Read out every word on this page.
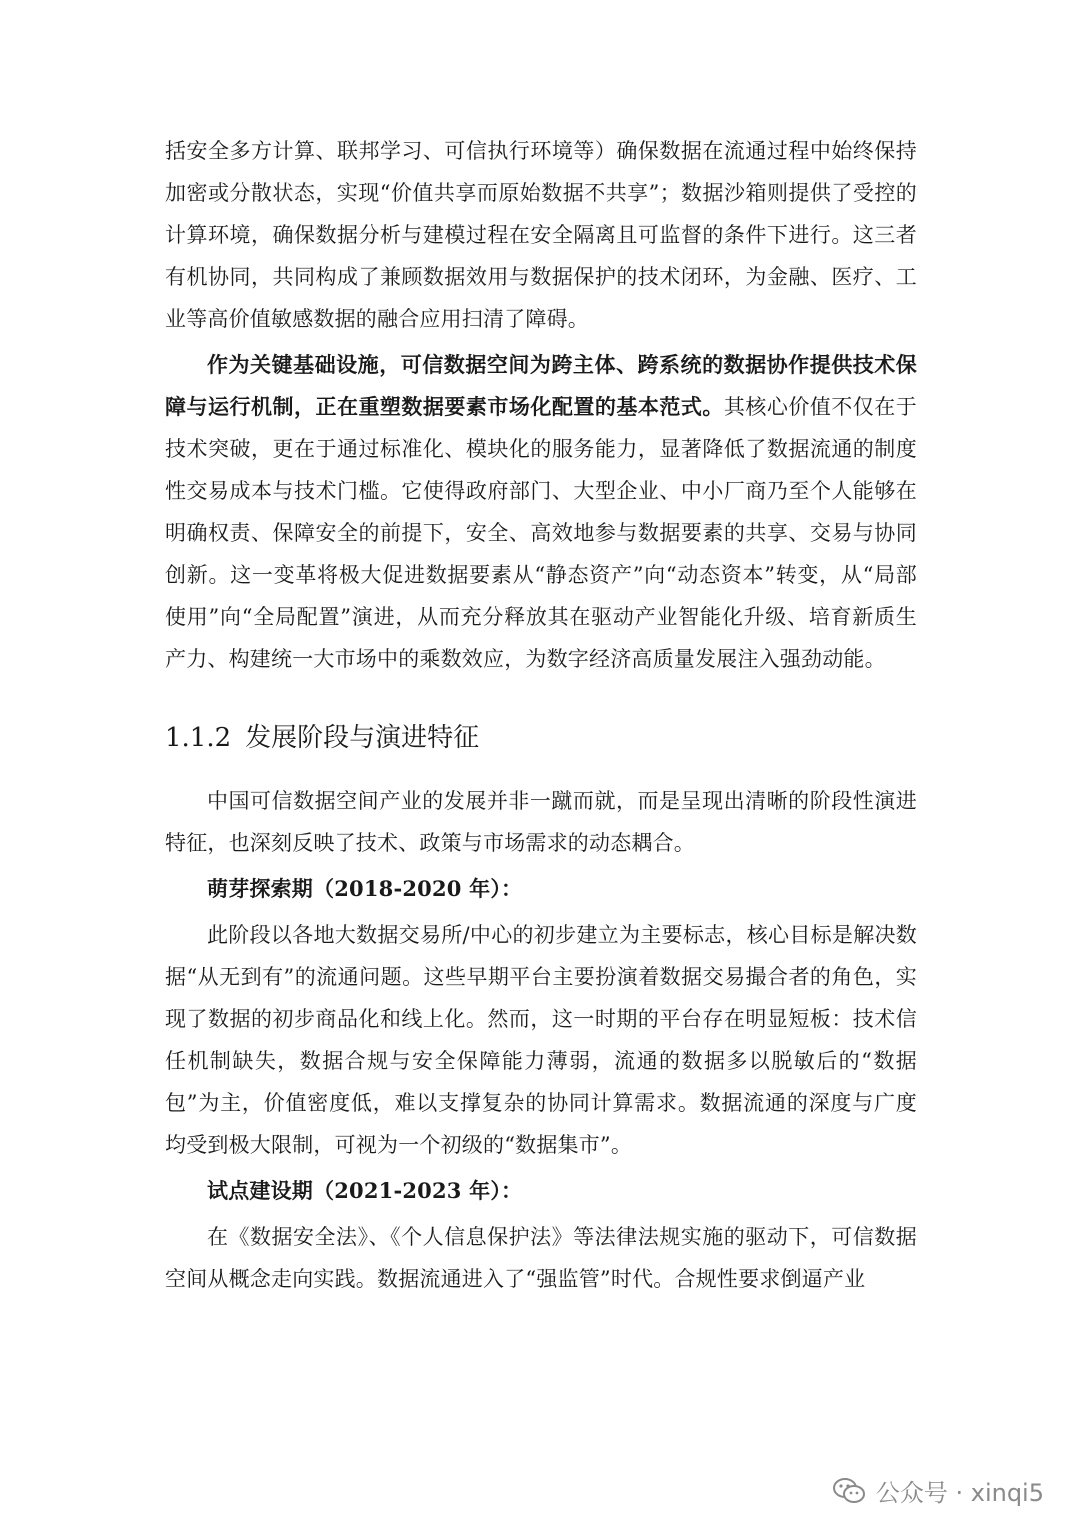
括安全多方计算、联邦学习、可信执行环境等）确保数据在流通过程中始终保持加密或分散状态，实现“价值共享而原始数据不共享”；数据沙箱则提供了受控的计算环境，确保数据分析与建模过程在安全隔离且可监督的条件下进行。这三者有机协同，共同构成了兼顾数据效用与数据保护的技术闭环，为金融、医疗、工业等高价值敏感数据的融合应用扫清了障碍。

作为关键基础设施，可信数据空间为跨主体、跨系统的数据协作提供技术保障与运行机制，正在重塑数据要素市场化配置的基本范式。其核心价值不仅在于技术突破，更在于通过标准化、模块化的服务能力，显著降低了数据流通的制度性交易成本与技术门槛。它使得政府部门、大型企业、中小厂商乃至个人能够在明确权责、保障安全的前提下，安全、高效地参与数据要素的共享、交易与协同创新。这一变革将极大促进数据要素从“静态资产”向“动态资本”转变，从“局部使用”向“全局配置”演进，从而充分释放其在驱动产业智能化升级、培育新质生产力、构建统一大市场中的乘数效应，为数字经济高质量发展注入强劲动能。

1.1.2 发展阶段与演进特征

中国可信数据空间产业的发展并非一蹴而就，而是呈现出清晰的阶段性演进特征，也深刻反映了技术、政策与市场需求的动态耦合。

萌芽探索期（2018-2020 年）：

此阶段以各地大数据交易所/中心的初步建立为主要标志，核心目标是解决数据“从无到有”的流通问题。这些早期平台主要扮演着数据交易撮合者的角色，实现了数据的初步商品化和线上化。然而，这一时期的平台存在明显短板：技术信任机制缺失，数据合规与安全保障能力薄弱，流通的数据多以脱敏后的“数据包”为主，价值密度低，难以支撑复杂的协同计算需求。数据流通的深度与广度均受到极大限制，可视为一个初级的“数据集市”。

试点建设期（2021-2023 年）：

在《数据安全法》、《个人信息保护法》等法律法规实施的驱动下，可信数据空间从概念走向实践。数据流通进入了“强监管”时代。合规性要求倒逼产业

公众号 · xinqi5
